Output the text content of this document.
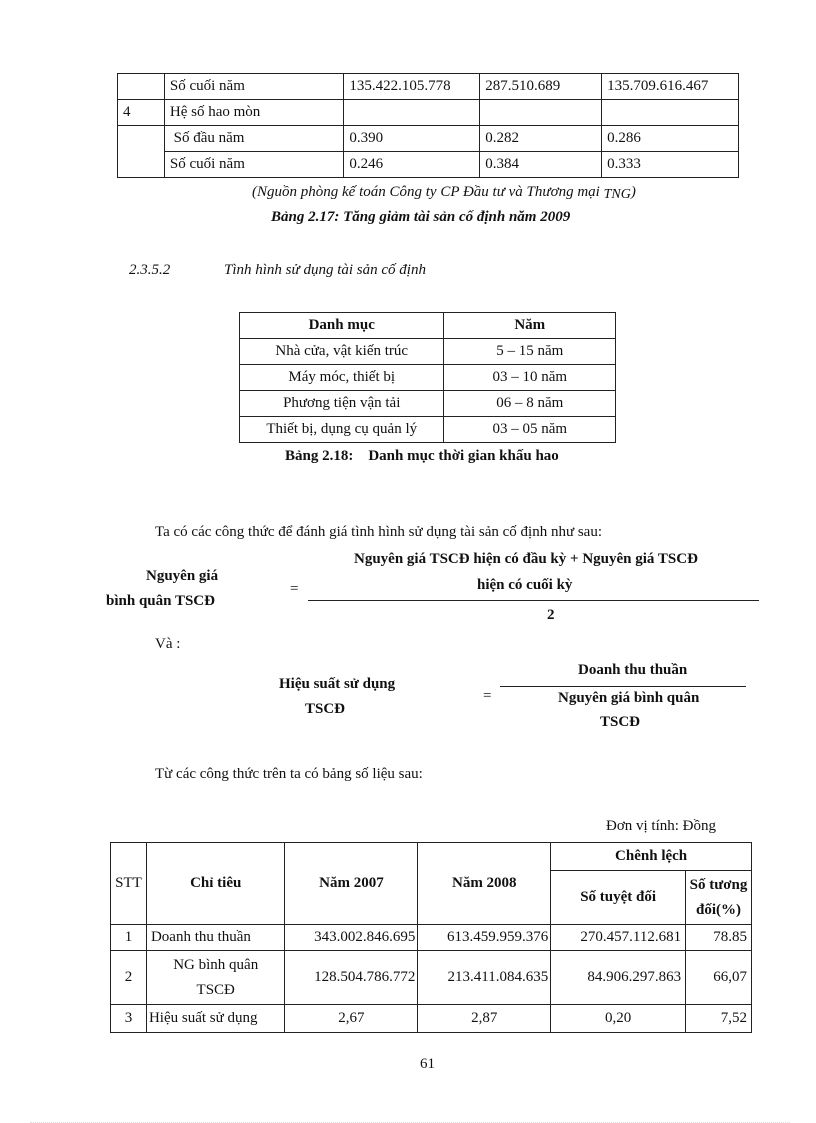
	Số cuối năm	135.422.105.778	287.510.689	135.709.616.467
4	Hệ số hao mòn			
	Số đầu năm	0.390	0.282	0.286
	Số cuối năm	0.246	0.384	0.333
(Nguồn phòng kế toán Công ty CP Đầu tư và Thương mại TNG)
Bảng 2.17: Tăng giảm tài sản cố định năm 2009
2.3.5.2	Tình hình sử dụng tài sản cố định
Danh mục	Năm
Nhà cửa, vật kiến trúc	5 – 15 năm
Máy móc, thiết bị	03 – 10 năm
Phương tiện vận tải	06 – 8 năm
Thiết bị, dụng cụ quản lý	03 – 05 năm
Bảng 2.18:    Danh mục thời gian khấu hao
Ta có các công thức để đánh giá tình hình sử dụng tài sản cố định như sau:
Nguyên giá
bình quân TSCĐ
=
Nguyên giá TSCĐ hiện có đầu kỳ + Nguyên giá TSCĐ
hiện có cuối kỳ
2
Và :
Hiệu suất sử dụng
TSCĐ
=
Doanh thu thuần
Nguyên giá bình quân
TSCĐ
Từ các công thức trên ta có bảng số liệu sau:
Đơn vị tính: Đồng
STT	Chỉ tiêu	Năm 2007	Năm 2008	Chênh lệch	
				Số tuyệt đối	Số tương
đối(%)
1	Doanh thu thuần	343.002.846.695	613.459.959.376	270.457.112.681	78.85
2	NG bình quân
TSCĐ	128.504.786.772	213.411.084.635	84.906.297.863	66,07
3	Hiệu suất sử dụng	2,67	2,87	0,20	7,52
61
